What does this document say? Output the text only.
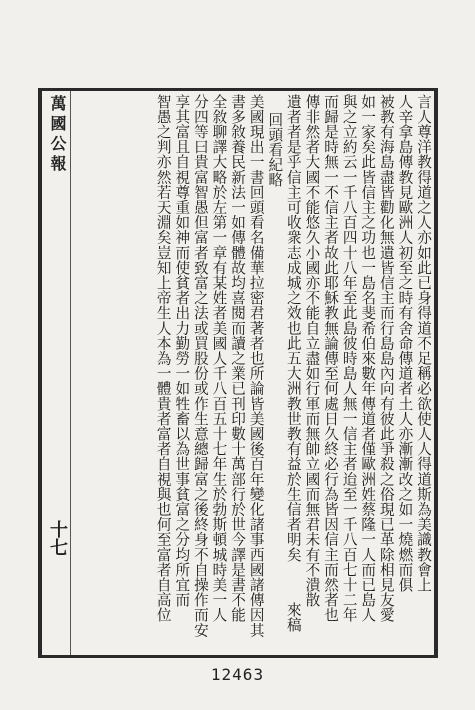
萬國公報
十七	言人尊洋教得道之人亦如此已身得道不足稱必欲使人人得道斯為美識教會上
人辛拿島傳教見歐洲人初至之時有舍命傳道者土人亦漸漸改之如一燒燃而俱
被教有海島盡皆勸化無遺皆信主而行島島內向有彼此爭殺之俗現已革除相見友愛
如一家矣此皆信主之功也一島名斐希伯來數年傳道者僅歐洲姓蔡隆一人而已島人
與之立約云一千八百四十八年至此島彼時島人無一信主者迨至一千八百七十二年
而歸是時無一不信主者故此耶穌教無論傳至何處日久終必行為皆因信主而然者也
傳非然者大國不能悠久小國亦不能自立盡如行軍而無帥立國而無君未有不潰散
遺者者是乎信主可收衆志成城之效也此五大洲教世教有益於生信者明矣來稿
回頭看紀略
美國現出一書回頭看名備華拉密君著者也所論皆美國後百年變化諸事西國諸傳因其
書多敘養民新法一如傳體故均喜閱而讀之業已刊印數十萬部行於世今譯是書不能
全敘聊譯大略於左第一章有某姓者美國人千八百五十七年生於勃斯頓城時美一人
分四等曰貴富智愚但富者致富之法或買股份或作生意總歸富之後終身不自操作而安
享其富且自視尊重如神而使貧者出力勤勞一如牲畜以為世事貧富之分均所宜而
智愚之判亦然若天淵矣豈知上帝生人本為一體貴者富者自視與也何至富者自高位
12463
